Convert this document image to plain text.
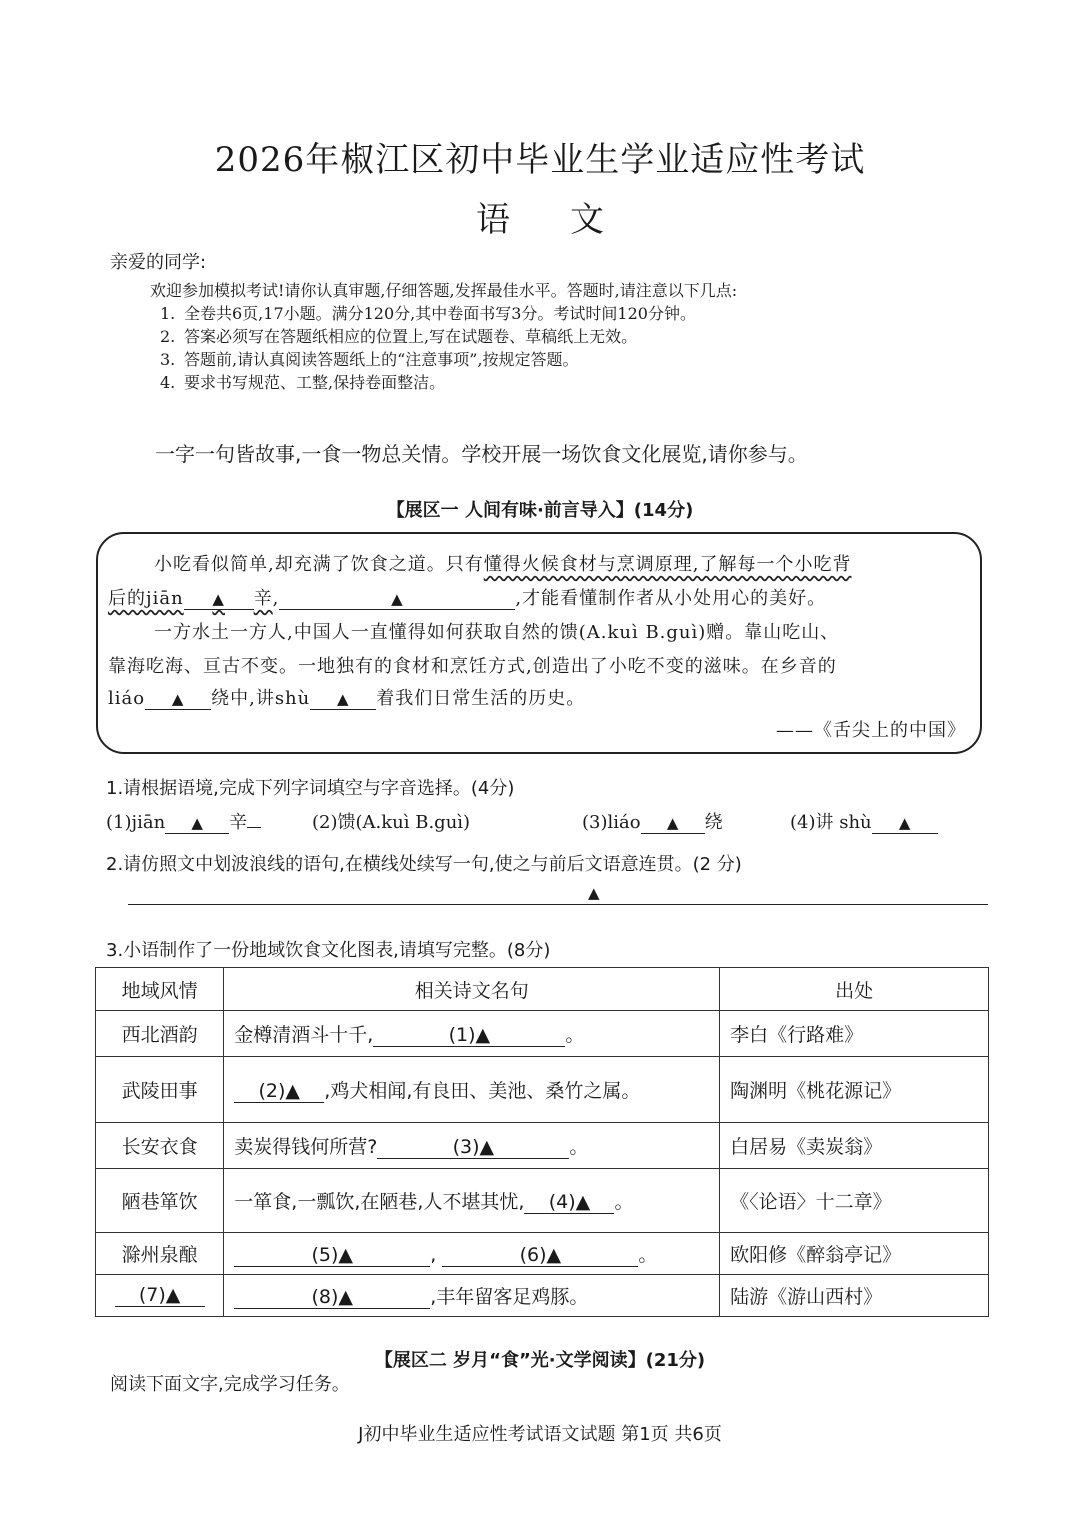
2026年椒江区初中毕业生学业适应性考试
语文
亲爱的同学:
欢迎参加模拟考试!请你认真审题,仔细答题,发挥最佳水平。答题时,请注意以下几点:
1. 全卷共6页,17小题。满分120分,其中卷面书写3分。考试时间120分钟。
2. 答案必须写在答题纸相应的位置上,写在试题卷、草稿纸上无效。
3. 答题前,请认真阅读答题纸上的“注意事项”,按规定答题。
4. 要求书写规范、工整,保持卷面整洁。
一字一句皆故事,一食一物总关情。学校开展一场饮食文化展览,请你参与。
【展区一 人间有味·前言导入】(14分)

小吃看似简单,却充满了饮食之道。只有懂得火候食材与烹调原理,了解每一个小吃背

后的jiān ▲ 辛,	▲	,才能看懂制作者从小处用心的美好。

一方水土一方人,中国人一直懂得如何获取自然的馈(A.kuì B.guì)赠。靠山吃山、

靠海吃海、亘古不变。一地独有的食材和烹饪方式,创造出了小吃不变的滋味。在乡音的

liáo ▲ 绕中,讲shù ▲ 着我们日常生活的历史。

——《舌尖上的中国》

1.请根据语境,完成下列字词填空与字音选择。(4分)
(1)jiān ▲ 辛	(2)馈(A.kuì B.guì)	(3)liáo ▲ 绕	(4)讲 shù ▲
2.请仿照文中划波浪线的语句,在横线处续写一句,使之与前后文语意连贯。(2 分)
▲
3.小语制作了一份地域饮食文化图表,请填写完整。(8分)
地域风情	相关诗文名句	出处
西北酒韵	金樽清酒斗十千, (1)▲ 。	李白《行路难》
武陵田事	(2)▲ ,鸡犬相闻,有良田、美池、桑竹之属。	陶渊明《桃花源记》
长安衣食	卖炭得钱何所营? (3)▲ 。	白居易《卖炭翁》
陋巷箪饮	一箪食,一瓢饮,在陋巷,人不堪其忧, (4)▲ 。	《〈论语〉十二章》
滁州泉酿	(5)▲ , (6)▲ 。	欧阳修《醉翁亭记》
(7)▲	(8)▲ ,丰年留客足鸡豚。	陆游《游山西村》
【展区二 岁月“食”光·文学阅读】(21分)
阅读下面文字,完成学习任务。
J初中毕业生适应性考试语文试题 第1页 共6页
